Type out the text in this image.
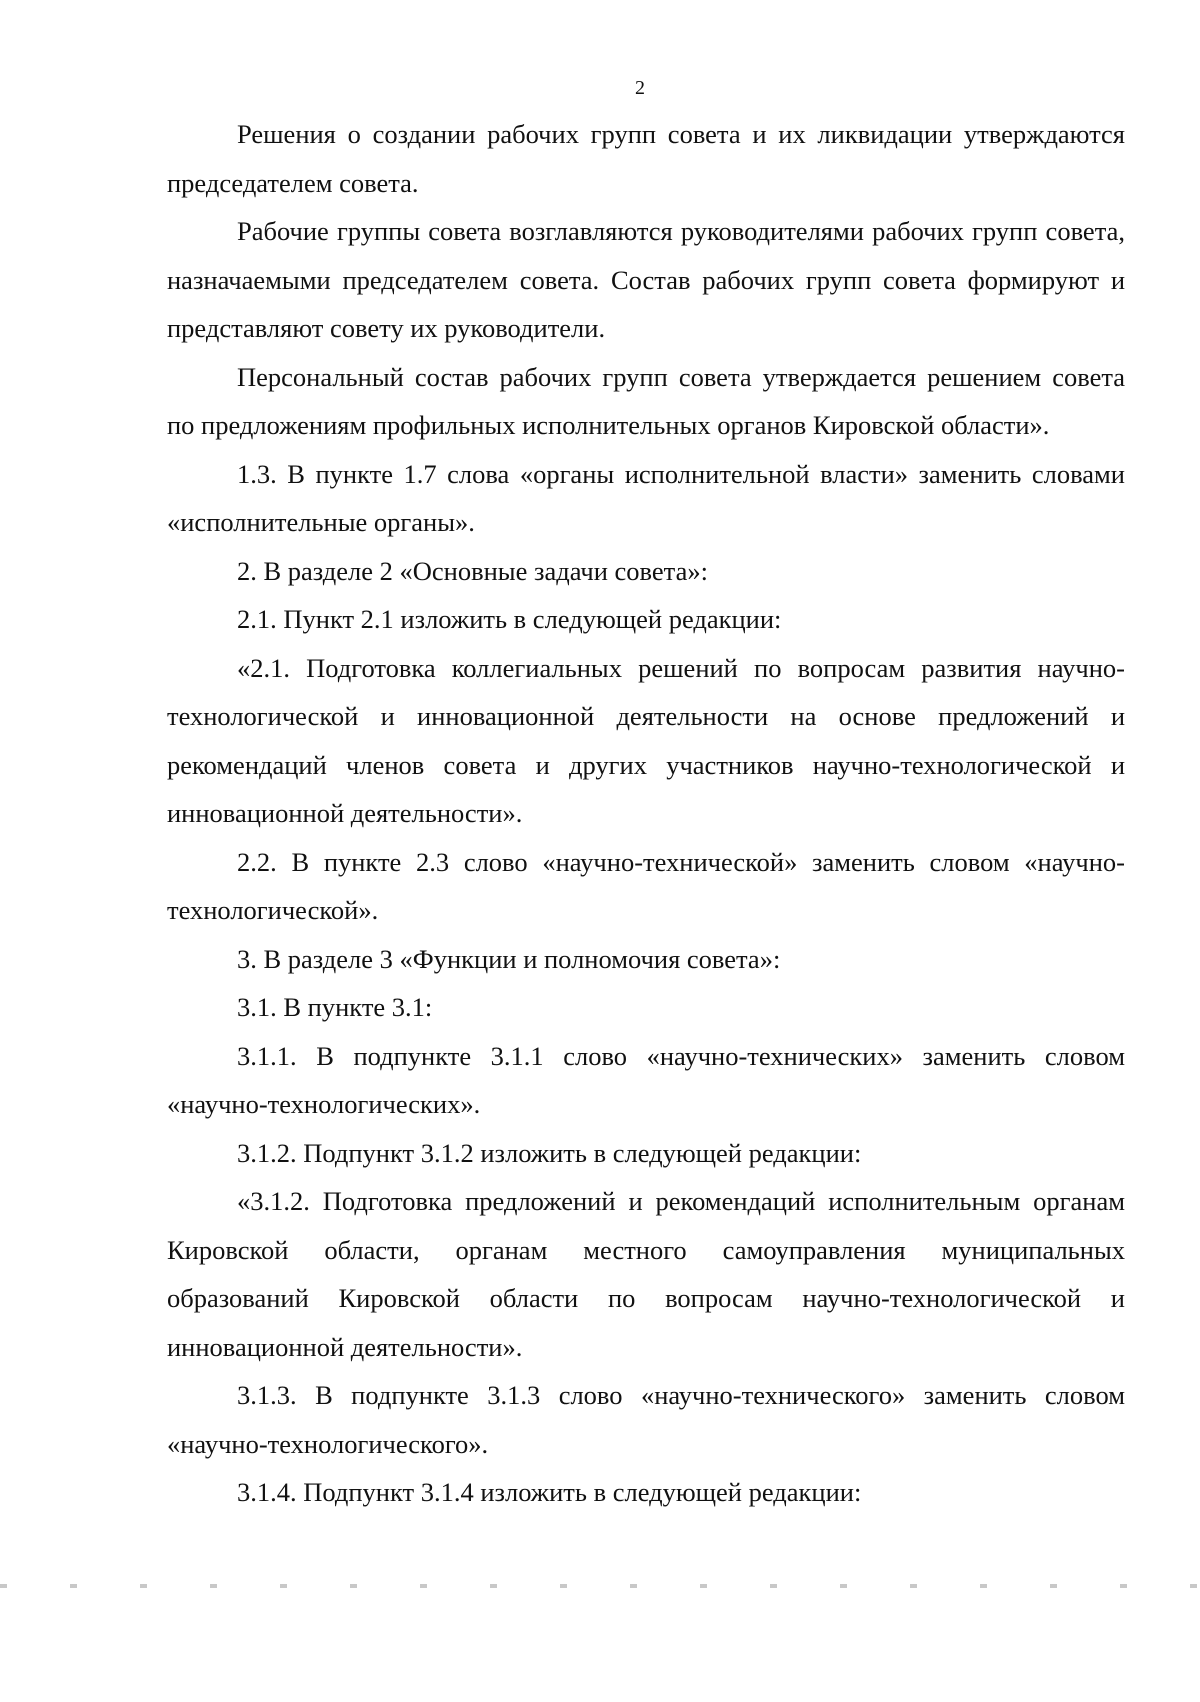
2

Решения о создании рабочих групп совета и их ликвидации утверждаются председателем совета.

Рабочие группы совета возглавляются руководителями рабочих групп совета, назначаемыми председателем совета. Состав рабочих групп совета формируют и представляют совету их руководители.

Персональный состав рабочих групп совета утверждается решением совета по предложениям профильных исполнительных органов Кировской области».

1.3. В пункте 1.7 слова «органы исполнительной власти» заменить словами «исполнительные органы».

2. В разделе 2 «Основные задачи совета»:

2.1. Пункт 2.1 изложить в следующей редакции:

«2.1. Подготовка коллегиальных решений по вопросам развития научно-технологической и инновационной деятельности на основе предложений и рекомендаций членов совета и других участников научно-технологической и инновационной деятельности».

2.2. В пункте 2.3 слово «научно-технической» заменить словом «научно-технологической».

3. В разделе 3 «Функции и полномочия совета»:

3.1. В пункте 3.1:

3.1.1. В подпункте 3.1.1 слово «научно-технических» заменить словом «научно-технологических».

3.1.2. Подпункт 3.1.2 изложить в следующей редакции:

«3.1.2. Подготовка предложений и рекомендаций исполнительным органам Кировской области, органам местного самоуправления муниципальных образований Кировской области по вопросам научно-технологической и инновационной деятельности».

3.1.3. В подпункте 3.1.3 слово «научно-технического» заменить словом «научно-технологического».

3.1.4. Подпункт 3.1.4 изложить в следующей редакции:
